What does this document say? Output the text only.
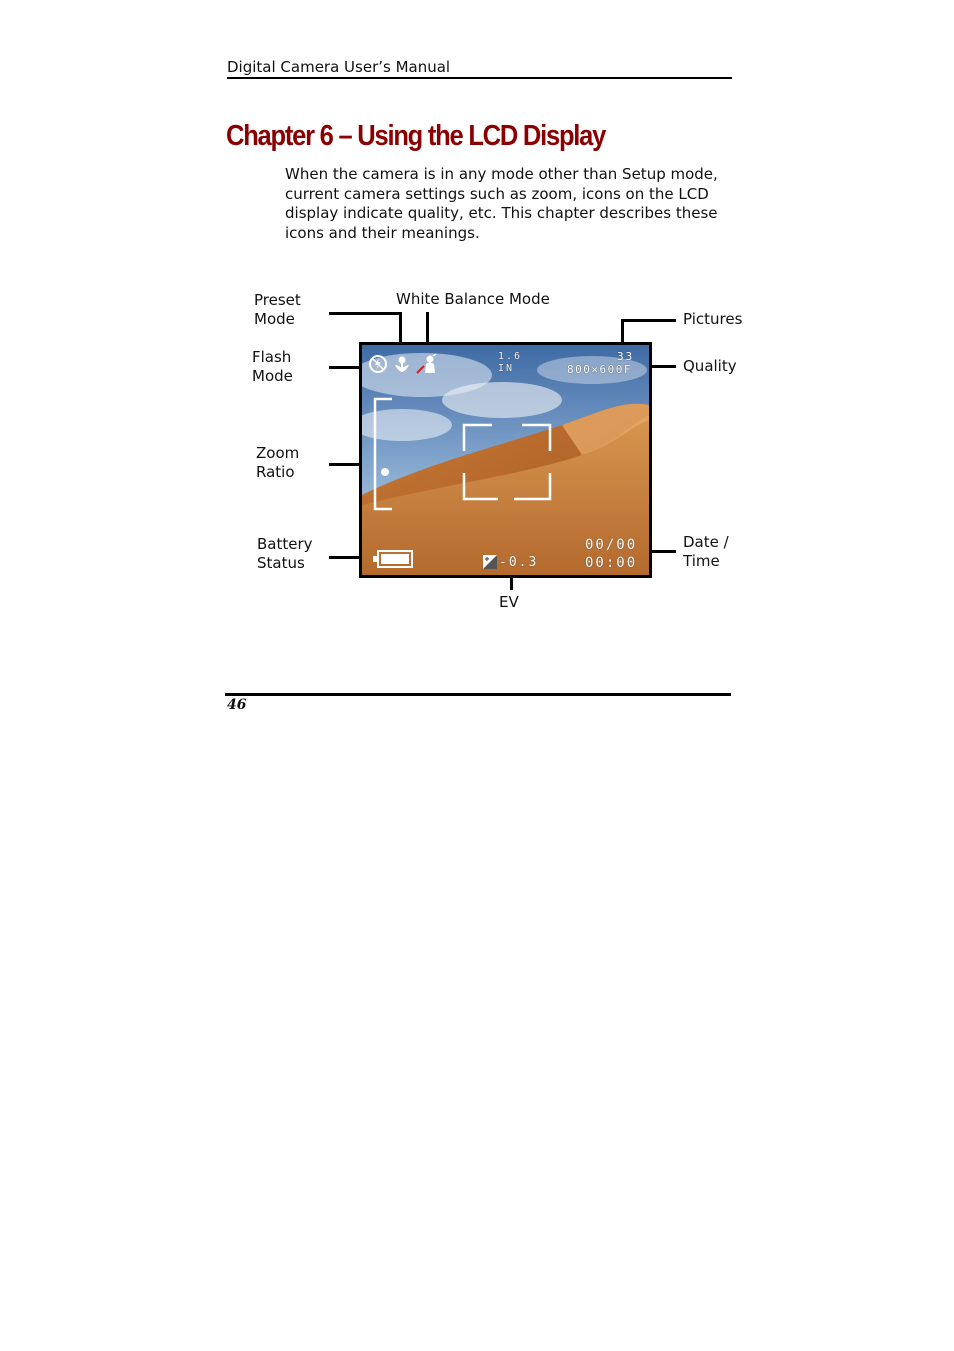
Digital Camera User’s Manual
Chapter 6 – Using the LCD Display

When the camera is in any mode other than Setup mode, current camera settings such as zoom, icons on the LCD display indicate quality, etc. This chapter describes these icons and their meanings.

Preset
Mode
White Balance Mode
Pictures
Flash
Mode
Quality
Zoom
Ratio
Battery
Status
Date /
Time
EV
1.6
IN
33
800×600F
-0.3
00/00
00:00
46
